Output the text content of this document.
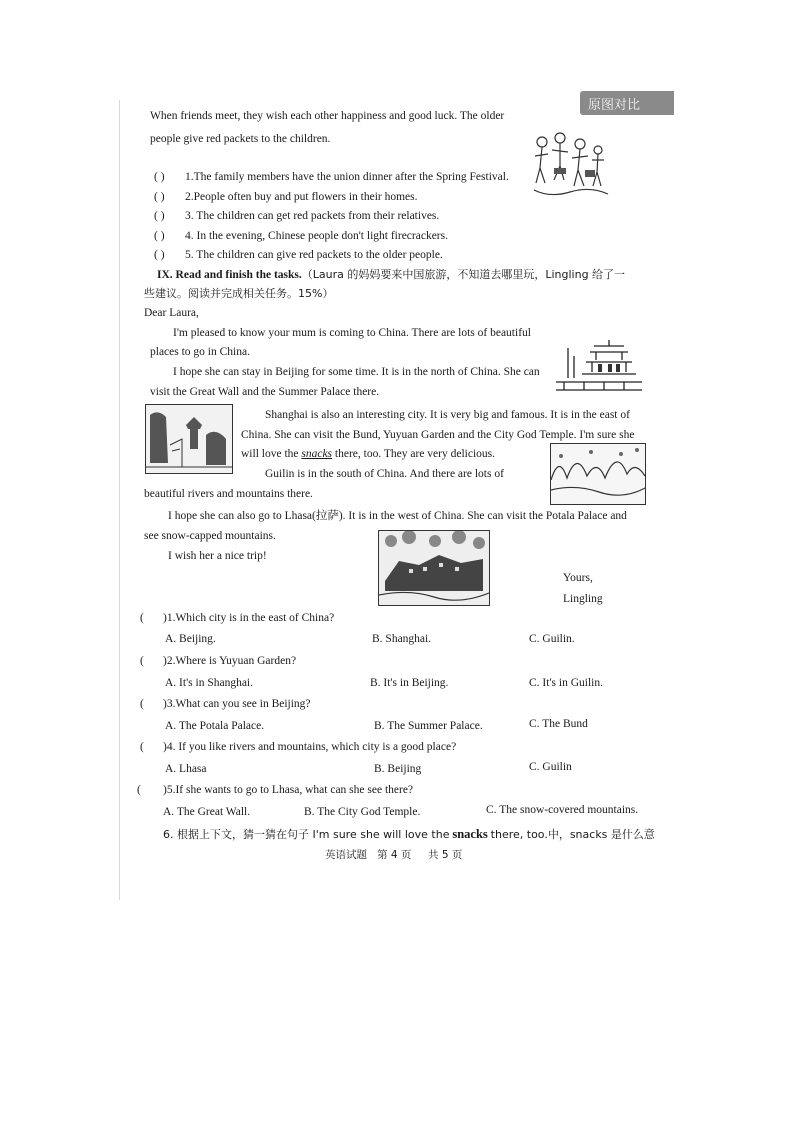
原图对比
When friends meet, they wish each other happiness and good luck. The older
people give red packets to the children.
( ) 1.The family members have the union dinner after the Spring Festival.
( ) 2.People often buy and put flowers in their homes.
( ) 3. The children can get red packets from their relatives.
( ) 4. In the evening, Chinese people don't light firecrackers.
( ) 5. The children can give red packets to the older people.
IX. Read and finish the tasks.（Laura 的妈妈要来中国旅游，不知道去哪里玩，Lingling 给了一
些建议。阅读并完成相关任务。15%）
Dear Laura,
I'm pleased to know your mum is coming to China. There are lots of beautiful
places to go in China.
I hope she can stay in Beijing for some time. It is in the north of China. She can
visit the Great Wall and the Summer Palace there.
Shanghai is also an interesting city. It is very big and famous. It is in the east of
China. She can visit the Bund, Yuyuan Garden and the City God Temple. I'm sure she
will love the snacks there, too. They are very delicious.
Guilin is in the south of China. And there are lots of
beautiful rivers and mountains there.
I hope she can also go to Lhasa(拉萨). It is in the west of China. She can visit the Potala Palace and
see snow-capped mountains.
I wish her a nice trip!
Yours,
Lingling
( )1.Which city is in the east of China?
A. Beijing.	B. Shanghai.	C. Guilin.
( )2.Where is Yuyuan Garden?
A. It's in Shanghai.	B. It's in Beijing.	C. It's in Guilin.
( )3.What can you see in Beijing?
A. The Potala Palace.	B. The Summer Palace.	C. The Bund
( )4. If you like rivers and mountains, which city is a good place?
A. Lhasa	B. Beijing	C. Guilin
( )5.If she wants to go to Lhasa, what can she see there?
A. The Great Wall.	B. The City God Temple.	C. The snow-covered mountains.
6. 根据上下文，猜一猜在句子 I'm sure she will love the snacks there, too.中，snacks 是什么意
英语试题   第 4 页     共 5 页
